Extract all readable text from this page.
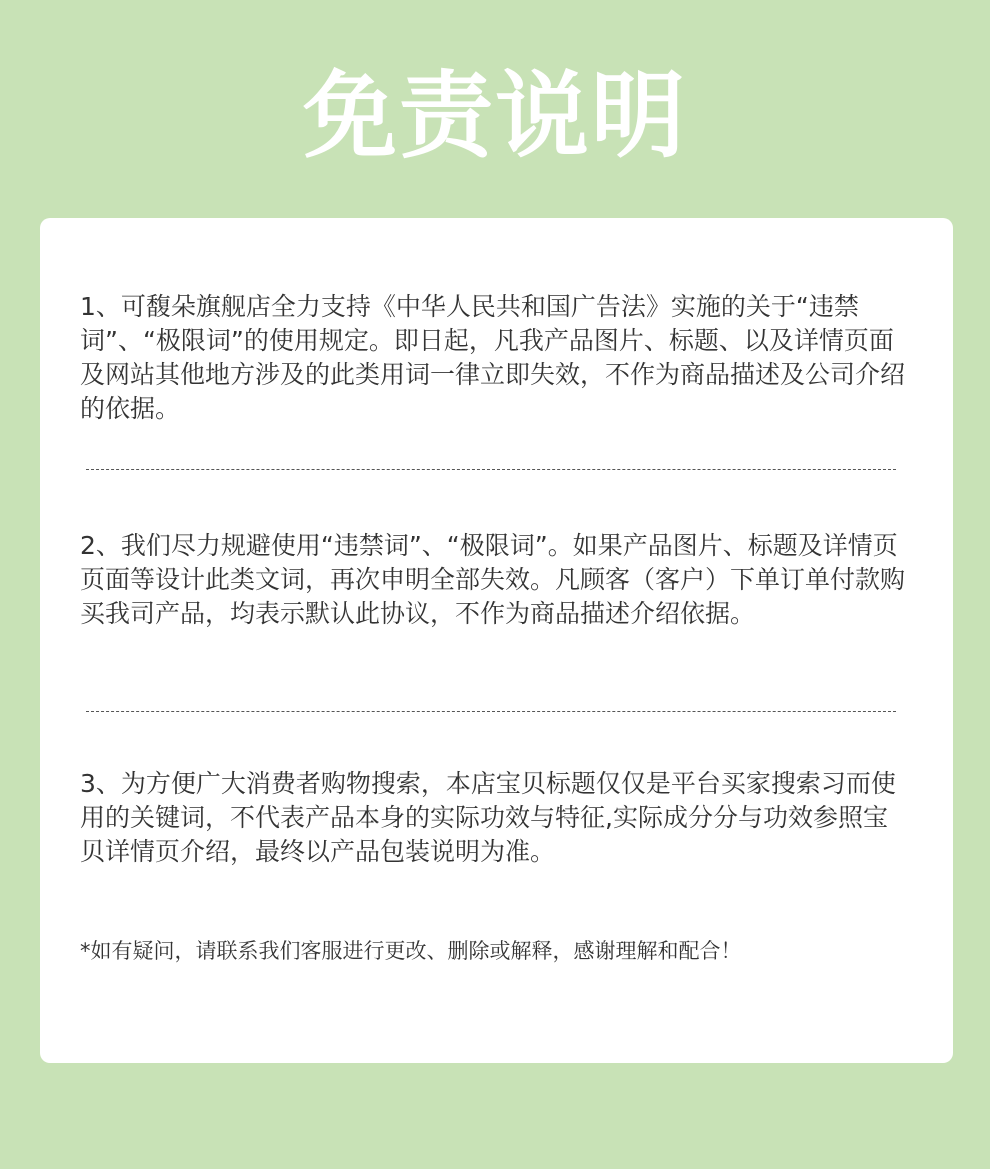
免责说明

1、可馥朵旗舰店全力支持《中华人民共和国广告法》实施的关于“违禁词”、“极限词”的使用规定。即日起，凡我产品图片、标题、以及详情页面及网站其他地方涉及的此类用词一律立即失效，不作为商品描述及公司介绍的依据。

2、我们尽力规避使用“违禁词”、“极限词”。如果产品图片、标题及详情页页面等设计此类文词，再次申明全部失效。凡顾客（客户）下单订单付款购买我司产品，均表示默认此协议，不作为商品描述介绍依据。

3、为方便广大消费者购物搜索，本店宝贝标题仅仅是平台买家搜索习而使用的关键词，不代表产品本身的实际功效与特征,实际成分分与功效参照宝贝详情页介绍，最终以产品包装说明为准。

*如有疑问，请联系我们客服进行更改、删除或解释，感谢理解和配合！
